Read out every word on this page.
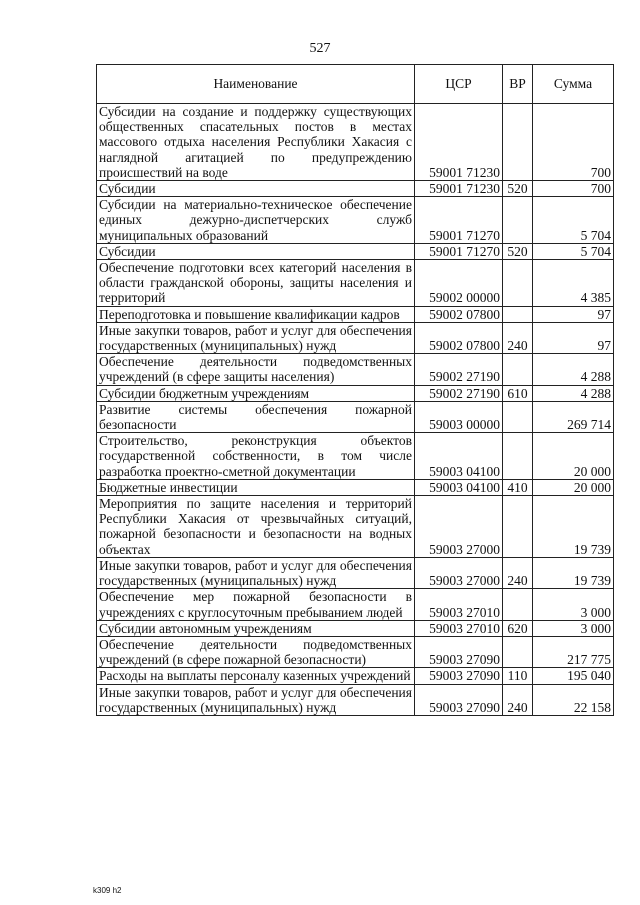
527
Наименование	ЦСР	ВР	Сумма
Субсидии на создание и поддержку существующих общественных спасательных постов в местах массового отдыха населения Республики Хакасия с наглядной агитацией по предупреждению происшествий на воде	59001 71230		700
Субсидии	59001 71230	520	700
Субсидии на материально-техническое обеспечение единых дежурно-диспетчерских служб муниципальных образований	59001 71270		5 704
Субсидии	59001 71270	520	5 704
Обеспечение подготовки всех категорий населения в области гражданской обороны, защиты населения и территорий	59002 00000		4 385
Переподготовка и повышение квалификации кадров	59002 07800		97
Иные закупки товаров, работ и услуг для обеспечения государственных (муниципальных) нужд	59002 07800	240	97
Обеспечение деятельности подведомственных учреждений (в сфере защиты населения)	59002 27190		4 288
Субсидии бюджетным учреждениям	59002 27190	610	4 288
Развитие системы обеспечения пожарной безопасности	59003 00000		269 714
Строительство, реконструкция объектов государственной собственности, в том числе разработка проектно-сметной документации	59003 04100		20 000
Бюджетные инвестиции	59003 04100	410	20 000
Мероприятия по защите населения и территорий Республики Хакасия от чрезвычайных ситуаций, пожарной безопасности и безопасности на водных объектах	59003 27000		19 739
Иные закупки товаров, работ и услуг для обеспечения государственных (муниципальных) нужд	59003 27000	240	19 739
Обеспечение мер пожарной безопасности в учреждениях с круглосуточным пребыванием людей	59003 27010		3 000
Субсидии автономным учреждениям	59003 27010	620	3 000
Обеспечение деятельности подведомственных учреждений (в сфере пожарной безопасности)	59003 27090		217 775
Расходы на выплаты персоналу казенных учреждений	59003 27090	110	195 040
Иные закупки товаров, работ и услуг для обеспечения государственных (муниципальных) нужд	59003 27090	240	22 158
k309 h2
